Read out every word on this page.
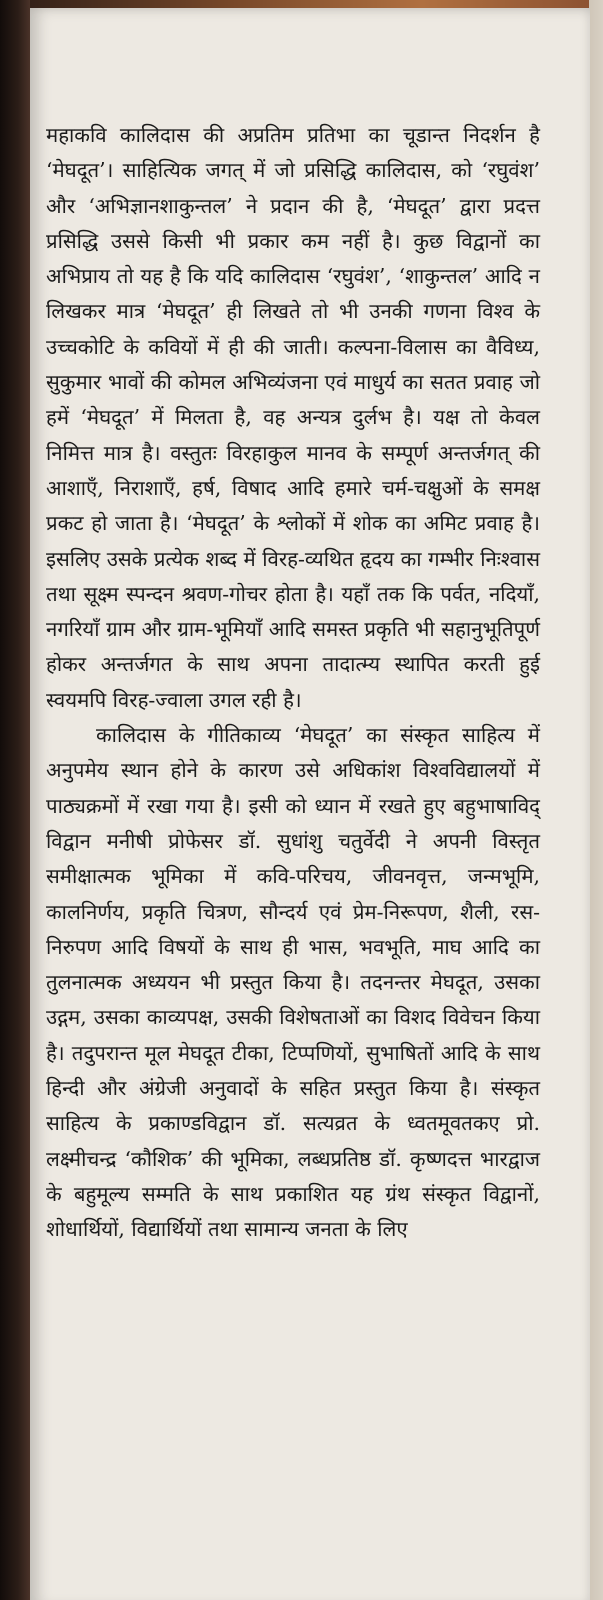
महाकवि कालिदास की अप्रतिम प्रतिभा का चूडान्त निदर्शन है ‘मेघदूत’। साहित्यिक जगत् में जो प्रसिद्धि कालिदास, को ‘रघुवंश’ और ‘अभिज्ञानशाकुन्तल’ ने प्रदान की है, ‘मेघदूत’ द्वारा प्रदत्त प्रसिद्धि उससे किसी भी प्रकार कम नहीं है। कुछ विद्वानों का अभिप्राय तो यह है कि यदि कालिदास ‘रघुवंश’, ‘शाकुन्तल’ आदि न लिखकर मात्र ‘मेघदूत’ ही लिखते तो भी उनकी गणना विश्व के उच्चकोटि के कवियों में ही की जाती। कल्पना-विलास का वैविध्य, सुकुमार भावों की कोमल अभिव्यंजना एवं माधुर्य का सतत प्रवाह जो हमें ‘मेघदूत’ में मिलता है, वह अन्यत्र दुर्लभ है। यक्ष तो केवल निमित्त मात्र है। वस्तुतः विरहाकुल मानव के सम्पूर्ण अन्तर्जगत् की आशाएँ, निराशाएँ, हर्ष, विषाद आदि हमारे चर्म-चक्षुओं के समक्ष प्रकट हो जाता है। ‘मेघदूत’ के श्लोकों में शोक का अमिट प्रवाह है। इसलिए उसके प्रत्येक शब्द में विरह-व्यथित हृदय का गम्भीर निःश्वास तथा सूक्ष्म स्पन्दन श्रवण-गोचर होता है। यहाँ तक कि पर्वत, नदियाँ, नगरियाँ ग्राम और ग्राम-भूमियाँ आदि समस्त प्रकृति भी सहानुभूतिपूर्ण होकर अन्तर्जगत के साथ अपना तादात्म्य स्थापित करती हुई स्वयमपि विरह-ज्वाला उगल रही है।

कालिदास के गीतिकाव्य ‘मेघदूत’ का संस्कृत साहित्य में अनुपमेय स्थान होने के कारण उसे अधिकांश विश्वविद्यालयों में पाठ्यक्रमों में रखा गया है। इसी को ध्यान में रखते हुए बहुभाषाविद् विद्वान मनीषी प्रोफेसर डॉ. सुधांशु चतुर्वेदी ने अपनी विस्तृत समीक्षात्मक भूमिका में कवि-परिचय, जीवनवृत्त, जन्मभूमि, कालनिर्णय, प्रकृति चित्रण, सौन्दर्य एवं प्रेम-निरूपण, शैली, रस-निरुपण आदि विषयों के साथ ही भास, भवभूति, माघ आदि का तुलनात्मक अध्ययन भी प्रस्तुत किया है। तदनन्तर मेघदूत, उसका उद्गम, उसका काव्यपक्ष, उसकी विशेषताओं का विशद विवेचन किया है। तदुपरान्त मूल मेघदूत टीका, टिप्पणियों, सुभाषितों आदि के साथ हिन्दी और अंग्रेजी अनुवादों के सहित प्रस्तुत किया है। संस्कृत साहित्य के प्रकाण्डविद्वान डॉ. सत्यव्रत के ध्वतमूवतकए प्रो. लक्ष्मीचन्द्र ‘कौशिक’ की भूमिका, लब्धप्रतिष्ठ डॉ. कृष्णदत्त भारद्वाज के बहुमूल्य सम्मति के साथ प्रकाशित यह ग्रंथ संस्कृत विद्वानों, शोधार्थियों, विद्यार्थियों तथा सामान्य जनता के लिए
